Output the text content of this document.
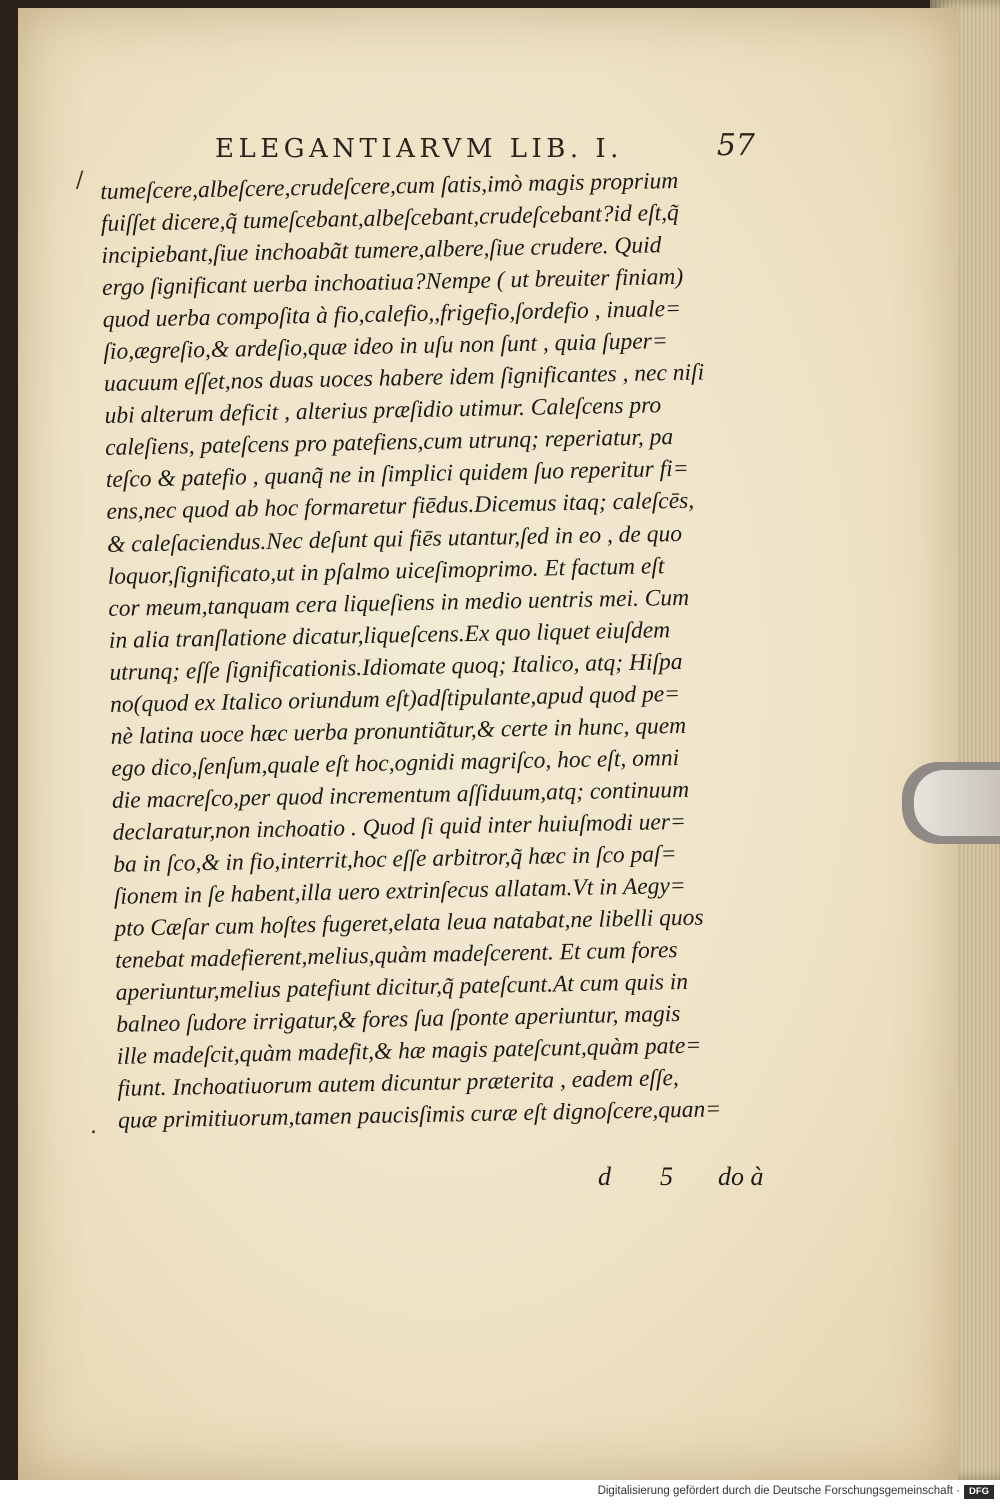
ELEGANTIARVM LIB. I.	57
/
.
tumeſcere,albeſcere,crudeſcere,cum ſatis,imò magis proprium
fuiſſet dicere,q̃ tumeſcebant,albeſcebant,crudeſcebant?id eſt,q̃
incipiebant,ſiue inchoabãt tumere,albere,ſiue crudere. Quid
ergo ſignificant uerba inchoatiua?Nempe ( ut breuiter finiam)
quod uerba compoſita à fio,calefio,,frigefio,ſordefio , inuale=
ſio,ægreſio,& ardeſio,quæ ideo in uſu non ſunt , quia ſuper=
uacuum eſſet,nos duas uoces habere idem ſignificantes , nec niſi
ubi alterum deficit , alterius præſidio utimur. Caleſcens pro
caleſiens, pateſcens pro patefiens,cum utrunq; reperiatur, pa
teſco & patefio , quanq̃ ne in ſimplici quidem ſuo reperitur fi=
ens,nec quod ab hoc formaretur fiēdus.Dicemus itaq; caleſcēs,
& caleſaciendus.Nec deſunt qui fiēs utantur,ſed in eo , de quo
loquor,ſignificato,ut in pſalmo uiceſimoprimo. Et factum eſt
cor meum,tanquam cera liqueſiens in medio uentris mei. Cum
in alia tranſlatione dicatur,liqueſcens.Ex quo liquet eiuſdem
utrunq; eſſe ſignificationis.Idiomate quoq; Italico, atq; Hiſpa
no(quod ex Italico oriundum eſt)adſtipulante,apud quod pe=
nè latina uoce hæc uerba pronuntiãtur,& certe in hunc, quem
ego dico,ſenſum,quale eſt hoc,ognidi magriſco, hoc eſt, omni
die macreſco,per quod incrementum aſſiduum,atq; continuum
declaratur,non inchoatio . Quod ſi quid inter huiuſmodi uer=
ba in ſco,& in fio,interrit,hoc eſſe arbitror,q̃ hæc in ſco paſ=
ſionem in ſe habent,illa uero extrinſecus allatam.Vt in Aegy=
pto Cæſar cum hoſtes fugeret,elata leua natabat,ne libelli quos
tenebat madefierent,melius,quàm madeſcerent. Et cum fores
aperiuntur,melius patefiunt dicitur,q̃ pateſcunt.At cum quis in
balneo ſudore irrigatur,& fores ſua ſponte aperiuntur, magis
ille madeſcit,quàm madefit,& hæ magis pateſcunt,quàm pate=
fiunt. Inchoatiuorum autem dicuntur præterita , eadem eſſe,
quæ primitiuorum,tamen paucisſimis curæ eſt dignoſcere,quan=
d 5 do à
Digitalisierung gefördert durch die Deutsche Forschungsgemeinschaft · DFG
